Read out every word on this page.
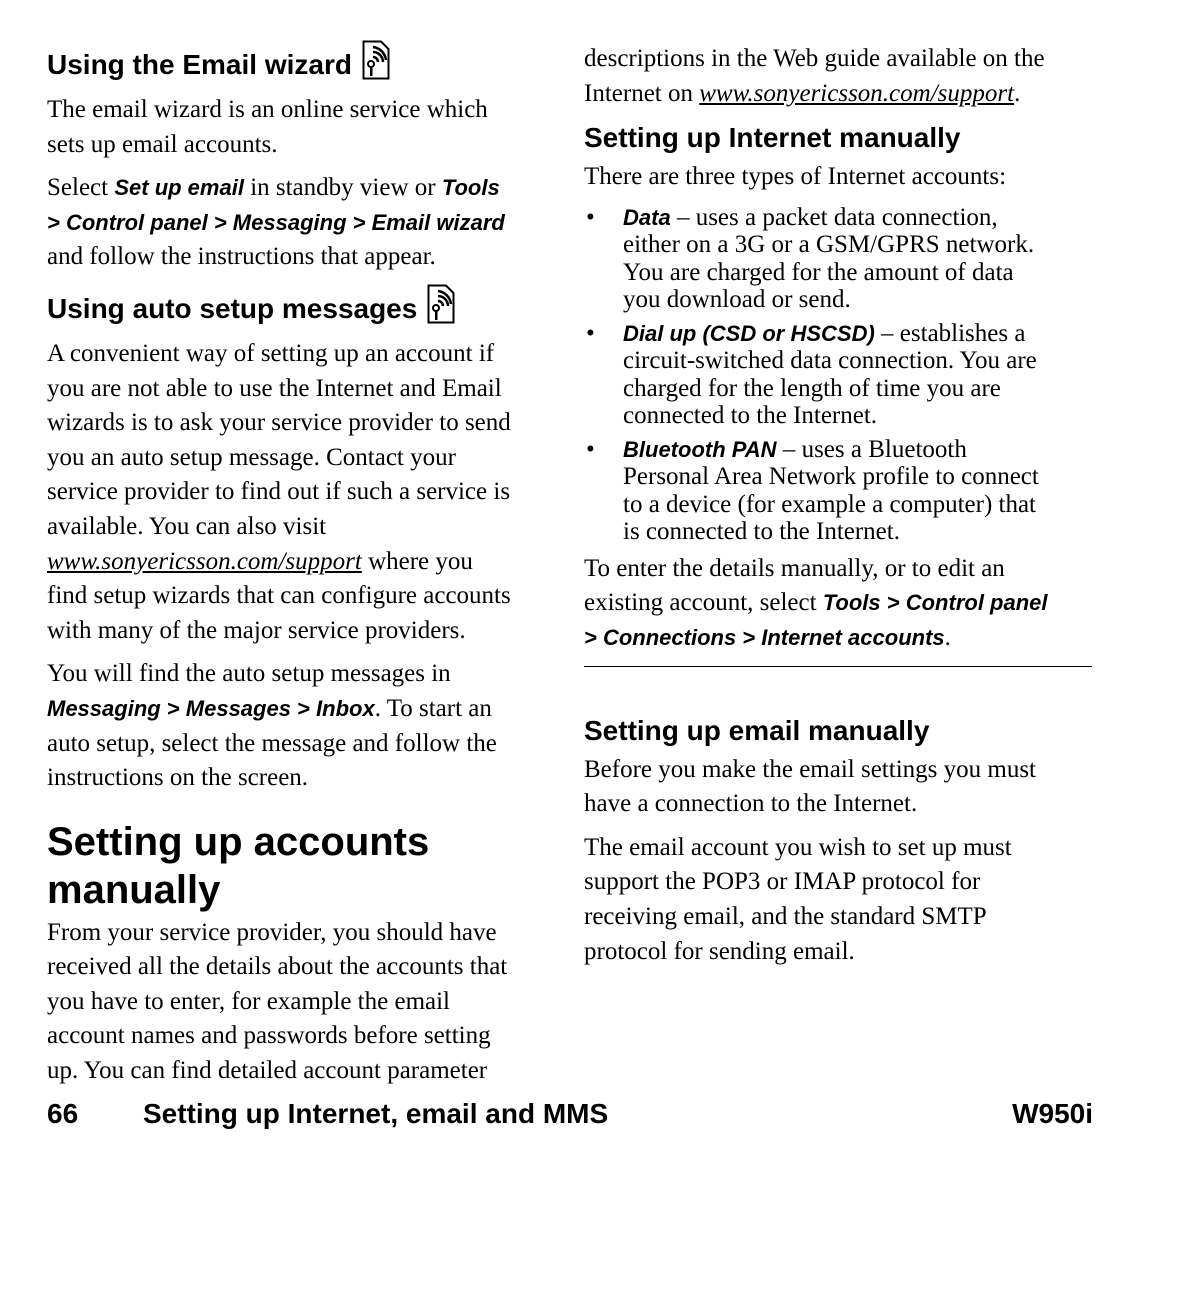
Using the Email wizard
The email wizard is an online service which
sets up email accounts.
Select Set up email in standby view or Tools
> Control panel > Messaging > Email wizard
and follow the instructions that appear.
Using auto setup messages
A convenient way of setting up an account if
you are not able to use the Internet and Email
wizards is to ask your service provider to send
you an auto setup message. Contact your
service provider to find out if such a service is
available. You can also visit
www.sonyericsson.com/support where you
find setup wizards that can configure accounts
with many of the major service providers.
You will find the auto setup messages in
Messaging > Messages > Inbox. To start an
auto setup, select the message and follow the
instructions on the screen.
Setting up accounts
manually
From your service provider, you should have
received all the details about the accounts that
you have to enter, for example the email
account names and passwords before setting
up. You can find detailed account parameter
descriptions in the Web guide available on the
Internet on www.sonyericsson.com/support.
Setting up Internet manually
There are three types of Internet accounts:
• Data – uses a packet data connection,
either on a 3G or a GSM/GPRS network.
You are charged for the amount of data
you download or send.
• Dial up (CSD or HSCSD) – establishes a
circuit-switched data connection. You are
charged for the length of time you are
connected to the Internet.
• Bluetooth PAN – uses a Bluetooth
Personal Area Network profile to connect
to a device (for example a computer) that
is connected to the Internet.
To enter the details manually, or to edit an
existing account, select Tools > Control panel
> Connections > Internet accounts.
Setting up email manually
Before you make the email settings you must
have a connection to the Internet.
The email account you wish to set up must
support the POP3 or IMAP protocol for
receiving email, and the standard SMTP
protocol for sending email.
66 Setting up Internet, email and MMS	W950i
